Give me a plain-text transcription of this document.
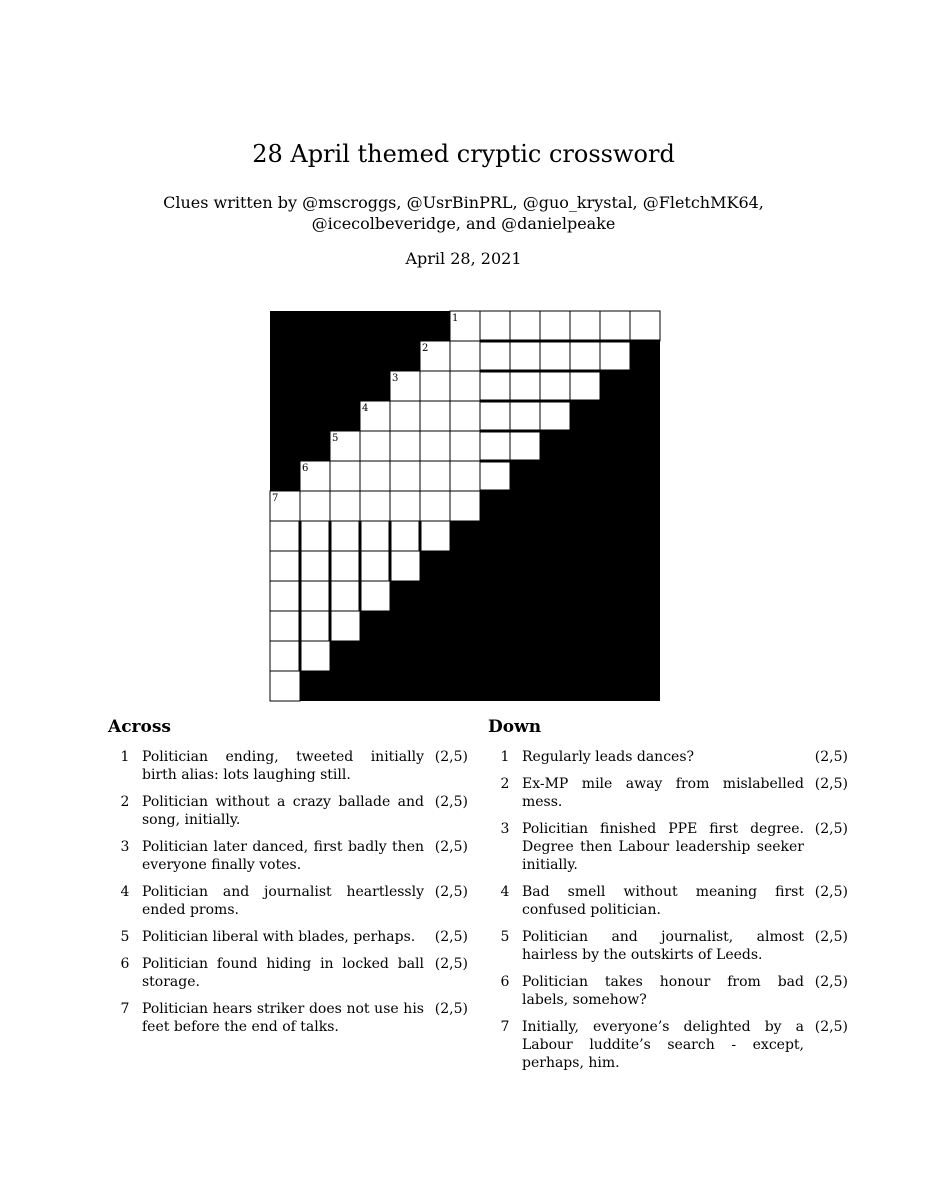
28 April themed cryptic crossword
Clues written by @mscroggs, @UsrBinPRL, @guo_krystal, @FletchMK64,
@icecolbeveridge, and @danielpeake
April 28, 2021
1
2
3
4
5
6
7
Across
1 Politician ending, tweeted initially birth alias: lots laughing still.
(2,5)
2 Politician without a crazy ballade and song, initially.
(2,5)
3 Politician later danced, first badly then everyone finally votes.
(2,5)
4 Politician and journalist heartlessly ended proms.
(2,5)
5 Politician liberal with blades, perhaps.	(2,5)
6 Politician found hiding in locked ball storage.
(2,5)
7 Politician hears striker does not use his feet before the end of talks.
(2,5)
Down
1 Regularly leads dances?	(2,5)
2 Ex-MP mile away from mislabelled mess.
(2,5)
3 Policitian finished PPE first degree. Degree then Labour leadership seeker initially.
(2,5)
4 Bad smell without meaning first confused politician.
(2,5)
5 Politician and journalist, almost hairless by the outskirts of Leeds.
(2,5)
6 Politician takes honour from bad labels, somehow?
(2,5)
7 Initially, everyone’s delighted by a Labour luddite’s search - except, perhaps, him.
(2,5)
